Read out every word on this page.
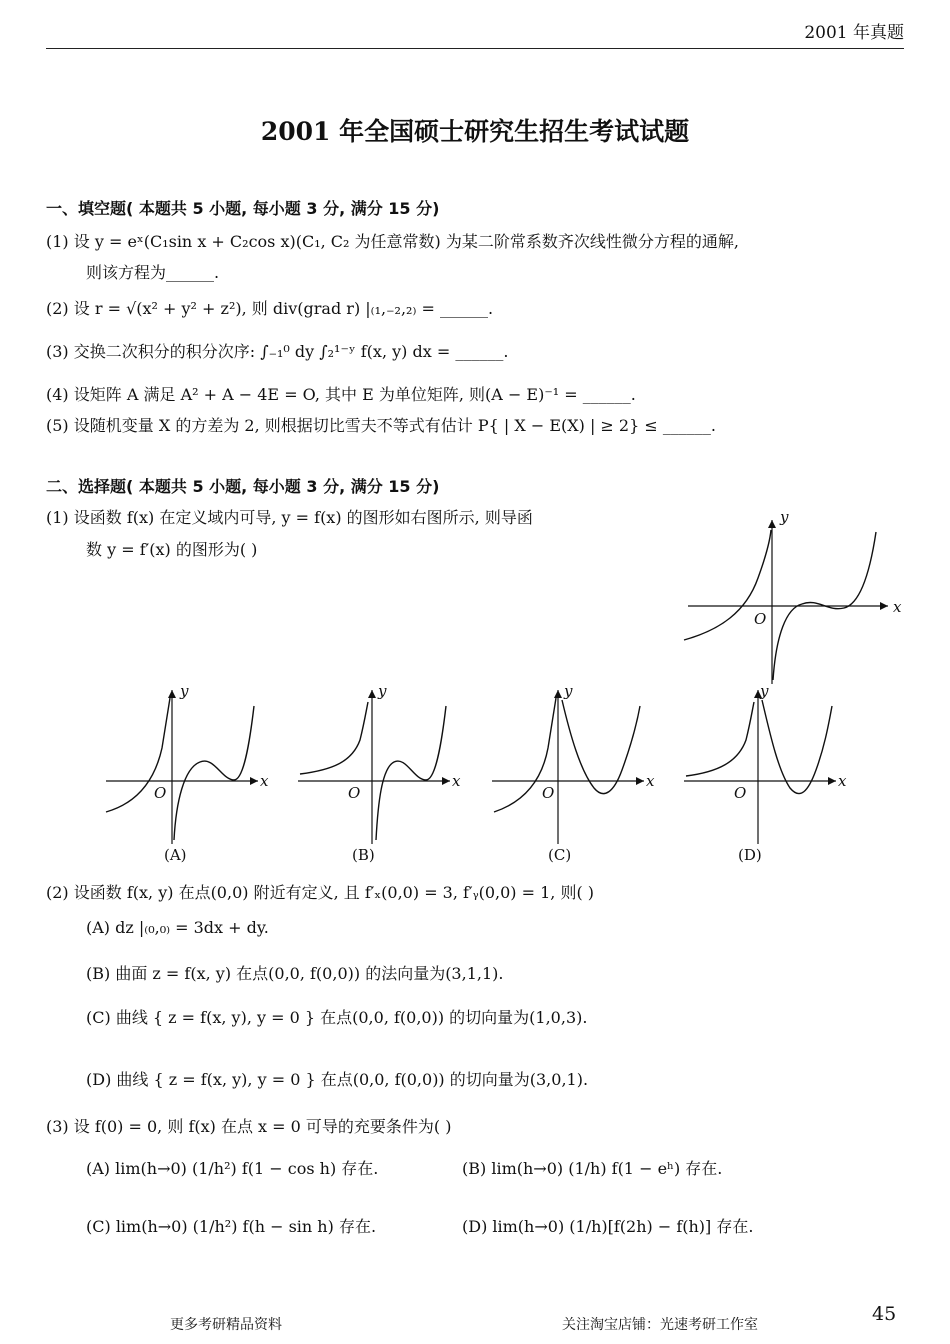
2001 年真题
2001 年全国硕士研究生招生考试试题
一、填空题( 本题共 5 小题, 每小题 3 分, 满分 15 分)
(1) 设 y = eˣ(C₁sin x + C₂cos x)(C₁, C₂ 为任意常数) 为某二阶常系数齐次线性微分方程的通解,
则该方程为______.
(2) 设 r = √(x² + y² + z²), 则 div(grad r) |₍₁,₋₂,₂₎ = ______.
(3) 交换二次积分的积分次序: ∫₋₁⁰ dy ∫₂¹⁻ʸ f(x, y) dx = ______.
(4) 设矩阵 A 满足 A² + A − 4E = O, 其中 E 为单位矩阵, 则(A − E)⁻¹ = ______.
(5) 设随机变量 X 的方差为 2, 则根据切比雪夫不等式有估计 P{ | X − E(X) | ≥ 2} ≤ ______.
二、选择题( 本题共 5 小题, 每小题 3 分, 满分 15 分)
(1) 设函数 f(x) 在定义域内可导, y = f(x) 的图形如右图所示, 则导函
数 y = f′(x) 的图形为( )
y
x
O
y
x
O
(A)
y
x
O
(B)
y
x
O
(C)
y
x
O
(D)
(2) 设函数 f(x, y) 在点(0,0) 附近有定义, 且 f′ₓ(0,0) = 3, f′ᵧ(0,0) = 1, 则( )
(A) dz |₍₀,₀₎ = 3dx + dy.
(B) 曲面 z = f(x, y) 在点(0,0, f(0,0)) 的法向量为(3,1,1).
(C) 曲线 { z = f(x, y), y = 0 } 在点(0,0, f(0,0)) 的切向量为(1,0,3).
(D) 曲线 { z = f(x, y), y = 0 } 在点(0,0, f(0,0)) 的切向量为(3,0,1).
(3) 设 f(0) = 0, 则 f(x) 在点 x = 0 可导的充要条件为( )
(A) lim(h→0) (1/h²) f(1 − cos h) 存在.	(B) lim(h→0) (1/h) f(1 − eʰ) 存在.
(C) lim(h→0) (1/h²) f(h − sin h) 存在.	(D) lim(h→0) (1/h)[f(2h) − f(h)] 存在.
45
更多考研精品资料	关注淘宝店铺：光速考研工作室
